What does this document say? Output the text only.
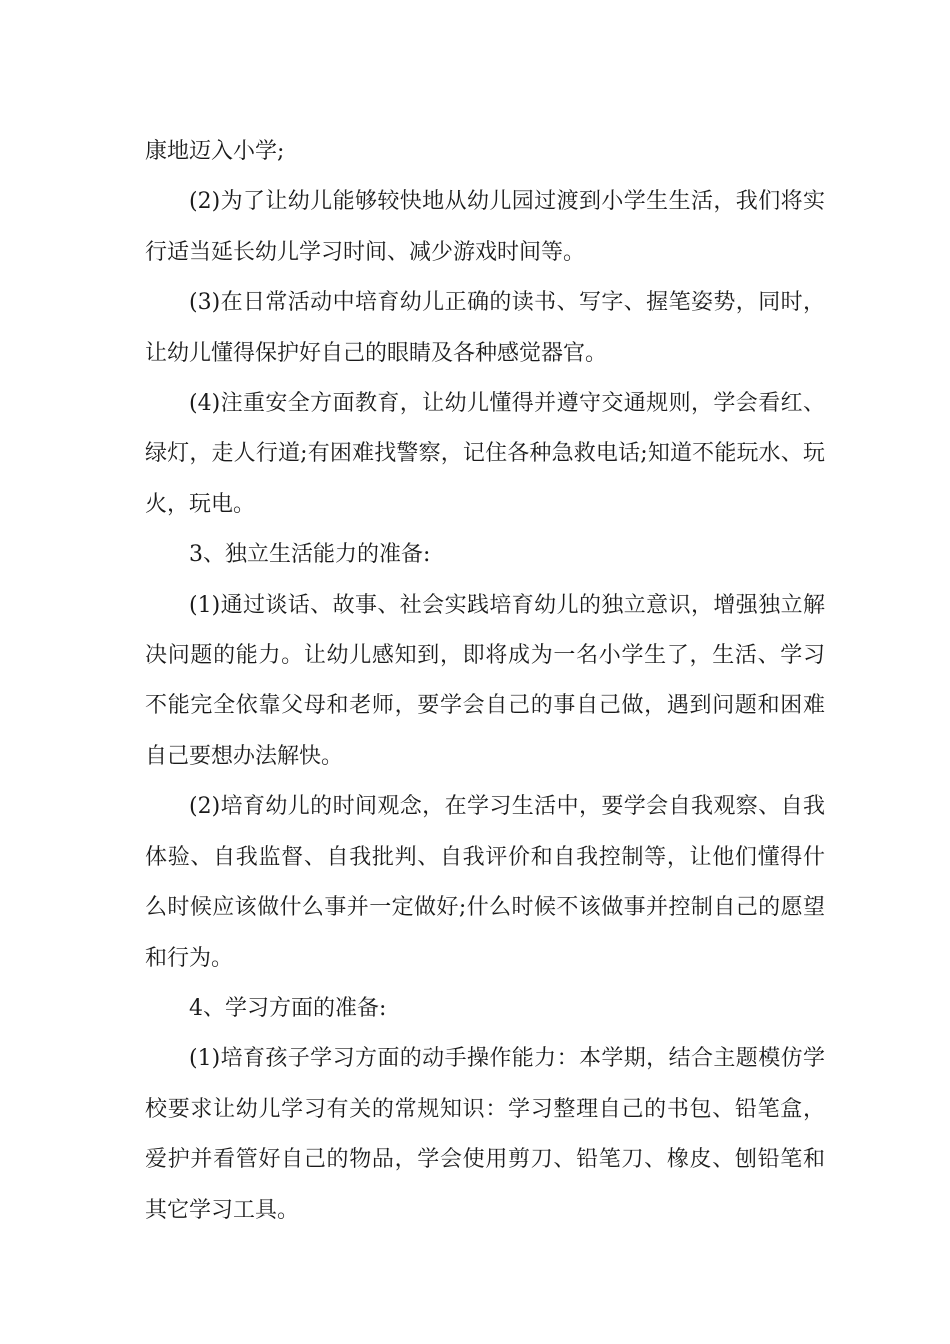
康地迈入小学;

(2)为了让幼儿能够较快地从幼儿园过渡到小学生生活，我们将实行适当延长幼儿学习时间、减少游戏时间等。

(3)在日常活动中培育幼儿正确的读书、写字、握笔姿势，同时，让幼儿懂得保护好自己的眼睛及各种感觉器官。

(4)注重安全方面教育，让幼儿懂得并遵守交通规则，学会看红、绿灯，走人行道;有困难找警察，记住各种急救电话;知道不能玩水、玩火，玩电。

3、独立生活能力的准备:

(1)通过谈话、故事、社会实践培育幼儿的独立意识，增强独立解决问题的能力。让幼儿感知到，即将成为一名小学生了，生活、学习不能完全依靠父母和老师，要学会自己的事自己做，遇到问题和困难自己要想办法解快。

(2)培育幼儿的时间观念，在学习生活中，要学会自我观察、自我体验、自我监督、自我批判、自我评价和自我控制等，让他们懂得什么时候应该做什么事并一定做好;什么时候不该做事并控制自己的愿望和行为。

4、学习方面的准备:

(1)培育孩子学习方面的动手操作能力：本学期，结合主题模仿学校要求让幼儿学习有关的常规知识：学习整理自己的书包、铅笔盒，爱护并看管好自己的物品，学会使用剪刀、铅笔刀、橡皮、刨铅笔和其它学习工具。
